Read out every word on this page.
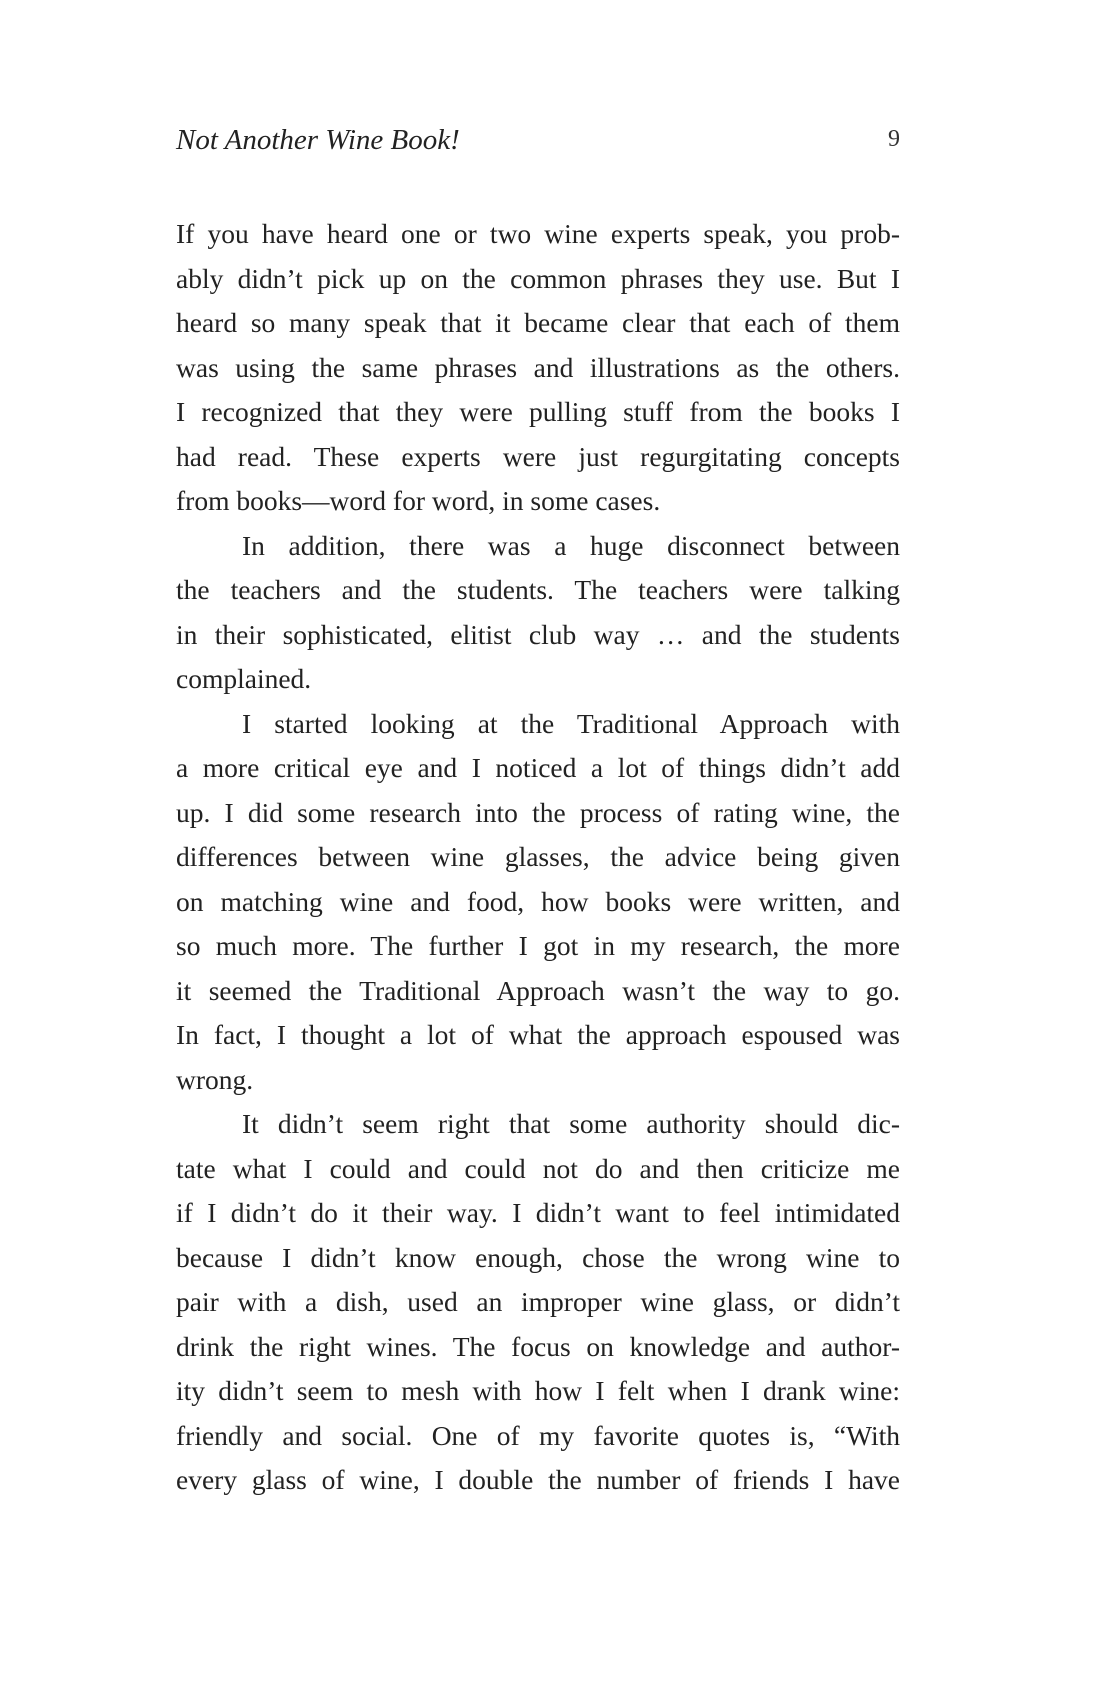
Not Another Wine Book!	9
If you have heard one or two wine experts speak, you prob-
ably didn’t pick up on the common phrases they use. But I
heard so many speak that it became clear that each of them
was using the same phrases and illustrations as the others.
I recognized that they were pulling stuff from the books I
had read. These experts were just regurgitating concepts
from books—word for word, in some cases.
In addition, there was a huge disconnect between
the teachers and the students. The teachers were talking
in their sophisticated, elitist club way … and the students
complained.
I started looking at the Traditional Approach with
a more critical eye and I noticed a lot of things didn’t add
up. I did some research into the process of rating wine, the
differences between wine glasses, the advice being given
on matching wine and food, how books were written, and
so much more. The further I got in my research, the more
it seemed the Traditional Approach wasn’t the way to go.
In fact, I thought a lot of what the approach espoused was
wrong.
It didn’t seem right that some authority should dic-
tate what I could and could not do and then criticize me
if I didn’t do it their way. I didn’t want to feel intimidated
because I didn’t know enough, chose the wrong wine to
pair with a dish, used an improper wine glass, or didn’t
drink the right wines. The focus on knowledge and author-
ity didn’t seem to mesh with how I felt when I drank wine:
friendly and social. One of my favorite quotes is, “With
every glass of wine, I double the number of friends I have
